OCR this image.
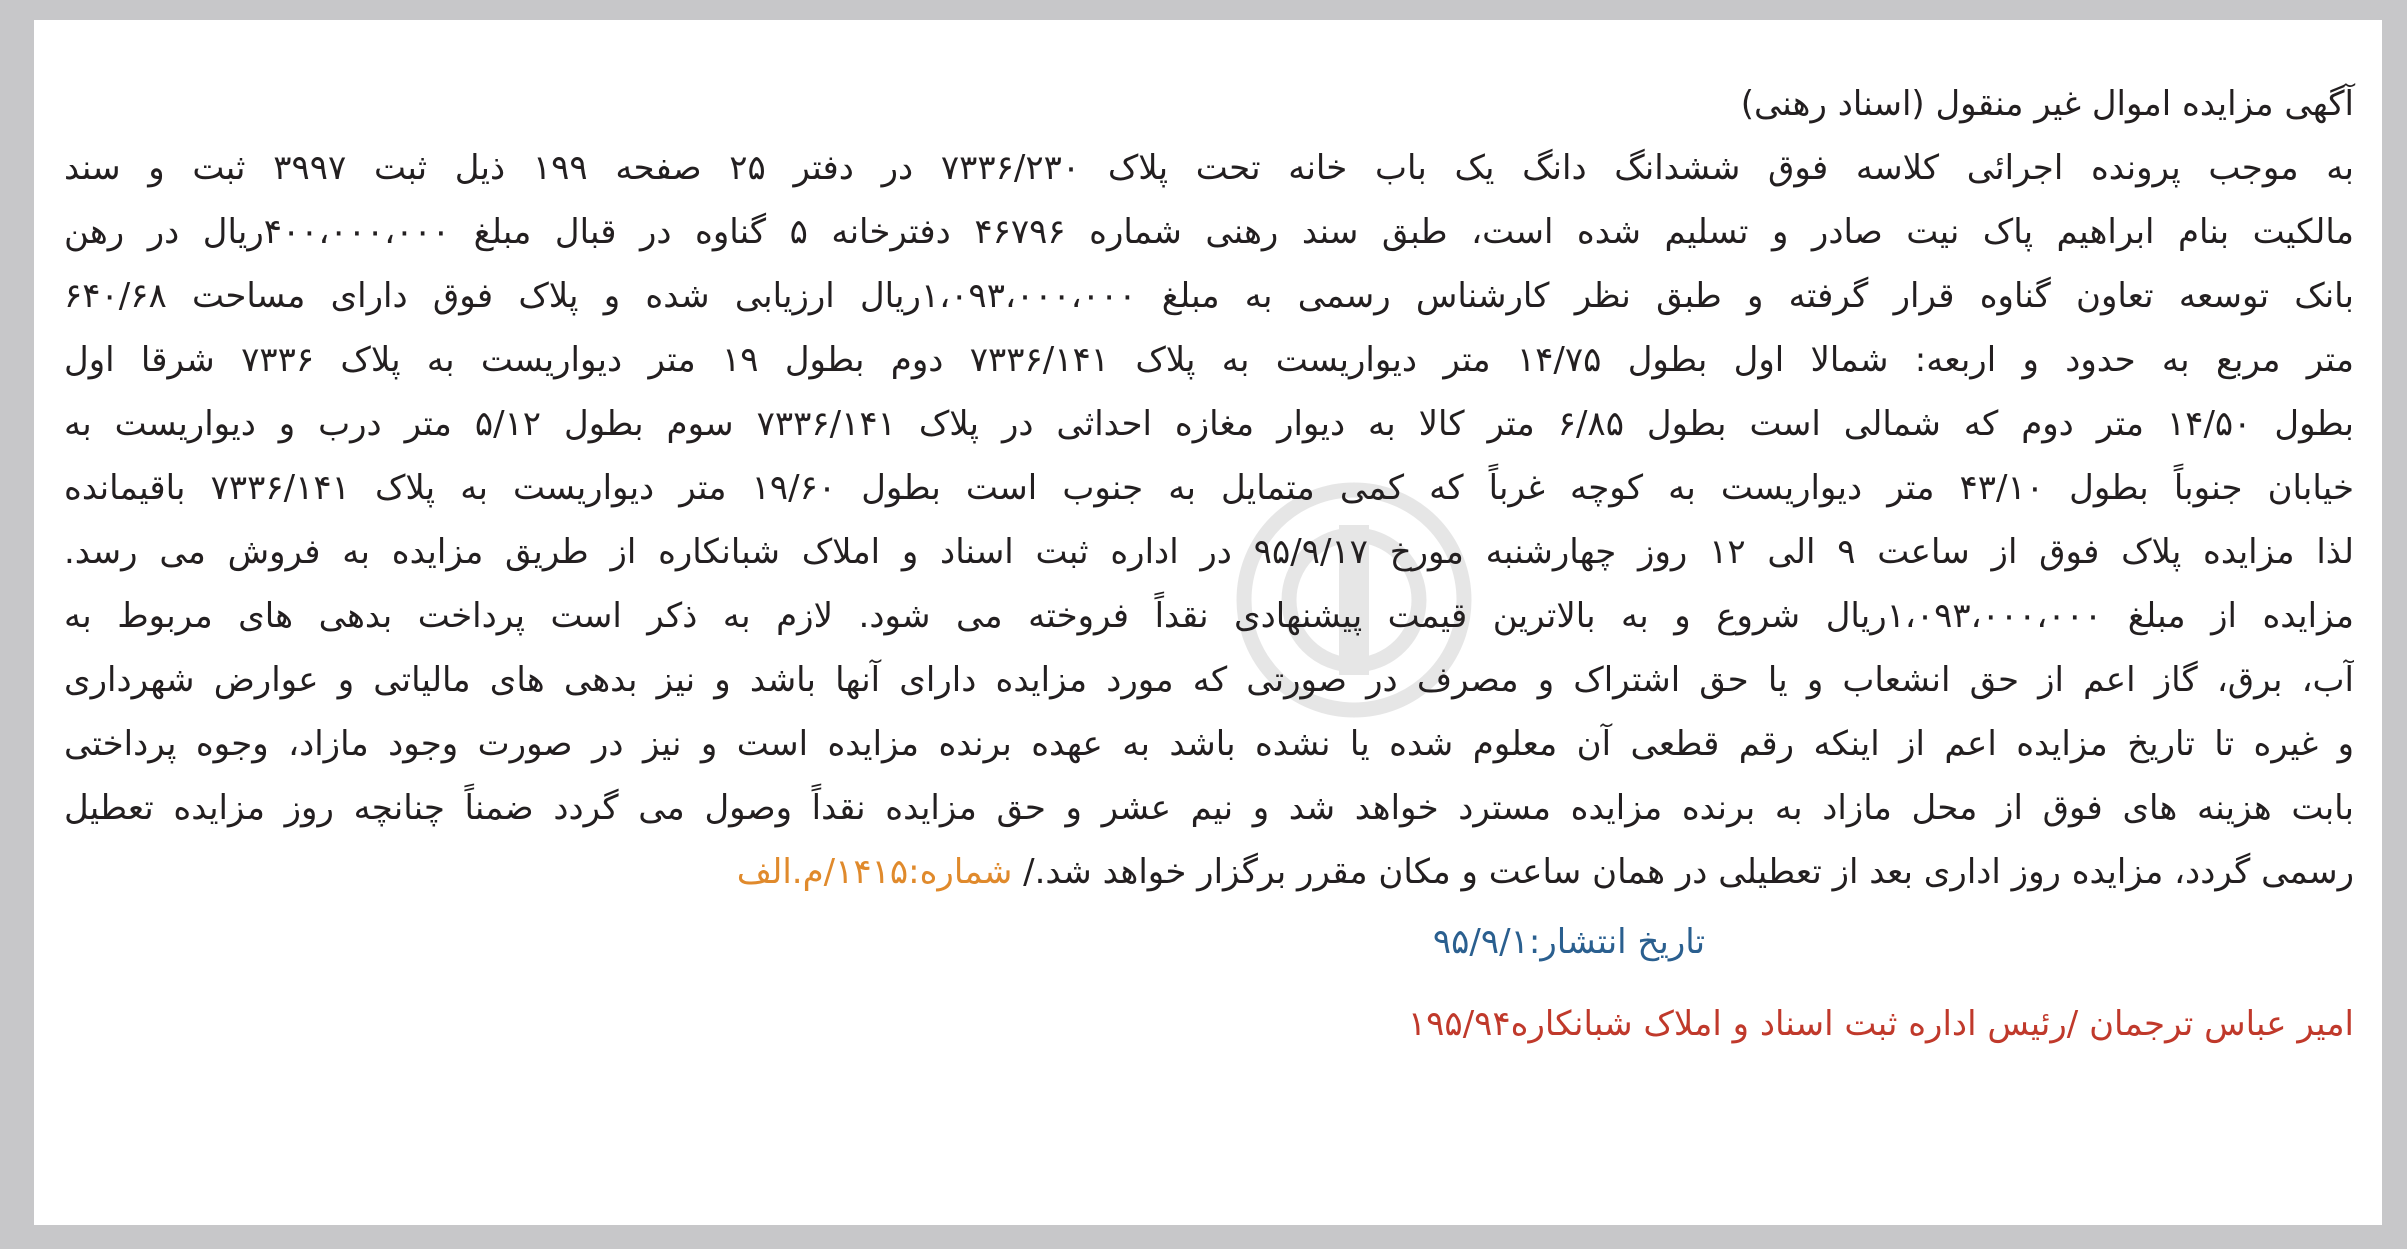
آگهی مزایده اموال غیر منقول (اسناد رهنی)

به موجب پرونده اجرائی کلاسه فوق ششدانگ دانگ یک باب خانه تحت پلاک ۷۳۳۶/۲۳۰ در دفتر ۲۵ صفحه ۱۹۹ ذیل ثبت ۳۹۹۷ ثبت و سند

مالکیت بنام ابراهیم پاک نیت صادر و تسلیم شده است، طبق سند رهنی شماره ۴۶۷۹۶ دفترخانه ۵ گناوه در قبال مبلغ ۴۰۰،۰۰۰،۰۰۰ریال در رهن

بانک توسعه تعاون گناوه قرار گرفته و طبق نظر کارشناس رسمی به مبلغ ۱،۰۹۳،۰۰۰،۰۰۰ریال ارزیابی شده و پلاک فوق دارای مساحت ۶۴۰/۶۸

متر مربع به حدود و اربعه: شمالا اول بطول ۱۴/۷۵ متر دیواریست به پلاک ۷۳۳۶/۱۴۱ دوم بطول ۱۹ متر دیواریست به پلاک ۷۳۳۶ شرقا اول

بطول ۱۴/۵۰ متر دوم که شمالی است بطول ۶/۸۵ متر کالا به دیوار مغازه احداثی در پلاک ۷۳۳۶/۱۴۱ سوم بطول ۵/۱۲ متر درب و دیواریست به

خیابان جنوباً بطول ۴۳/۱۰ متر دیواریست به کوچه غرباً که کمی متمایل به جنوب است بطول ۱۹/۶۰ متر دیواریست به پلاک ۷۳۳۶/۱۴۱ باقیمانده

لذا مزایده پلاک فوق از ساعت ۹ الی ۱۲ روز چهارشنبه مورخ ۹۵/۹/۱۷ در اداره ثبت اسناد و املاک شبانکاره از طریق مزایده به فروش می رسد.

مزایده از مبلغ ۱،۰۹۳،۰۰۰،۰۰۰ریال شروع و به بالاترین قیمت پیشنهادی نقداً فروخته می شود. لازم به ذکر است پرداخت بدهی های مربوط به

آب، برق، گاز اعم از حق انشعاب و یا حق اشتراک و مصرف در صورتی که مورد مزایده دارای آنها باشد و نیز بدهی های مالیاتی و عوارض شهرداری

و غیره تا تاریخ مزایده اعم از اینکه رقم قطعی آن معلوم شده یا نشده باشد به عهده برنده مزایده است و نیز در صورت وجود مازاد، وجوه پرداختی

بابت هزینه های فوق از محل مازاد به برنده مزایده مسترد خواهد شد و نیم عشر و حق مزایده نقداً وصول می گردد ضمناً چنانچه روز مزایده تعطیل

رسمی گردد، مزایده روز اداری بعد از تعطیلی در همان ساعت و مکان مقرر برگزار خواهد شد./ شماره:۱۴۱۵/م.الف

تاریخ انتشار:۹۵/۹/۱

امیر عباس ترجمان /رئیس اداره ثبت اسناد و املاک شبانکاره۱۹۵/۹۴
